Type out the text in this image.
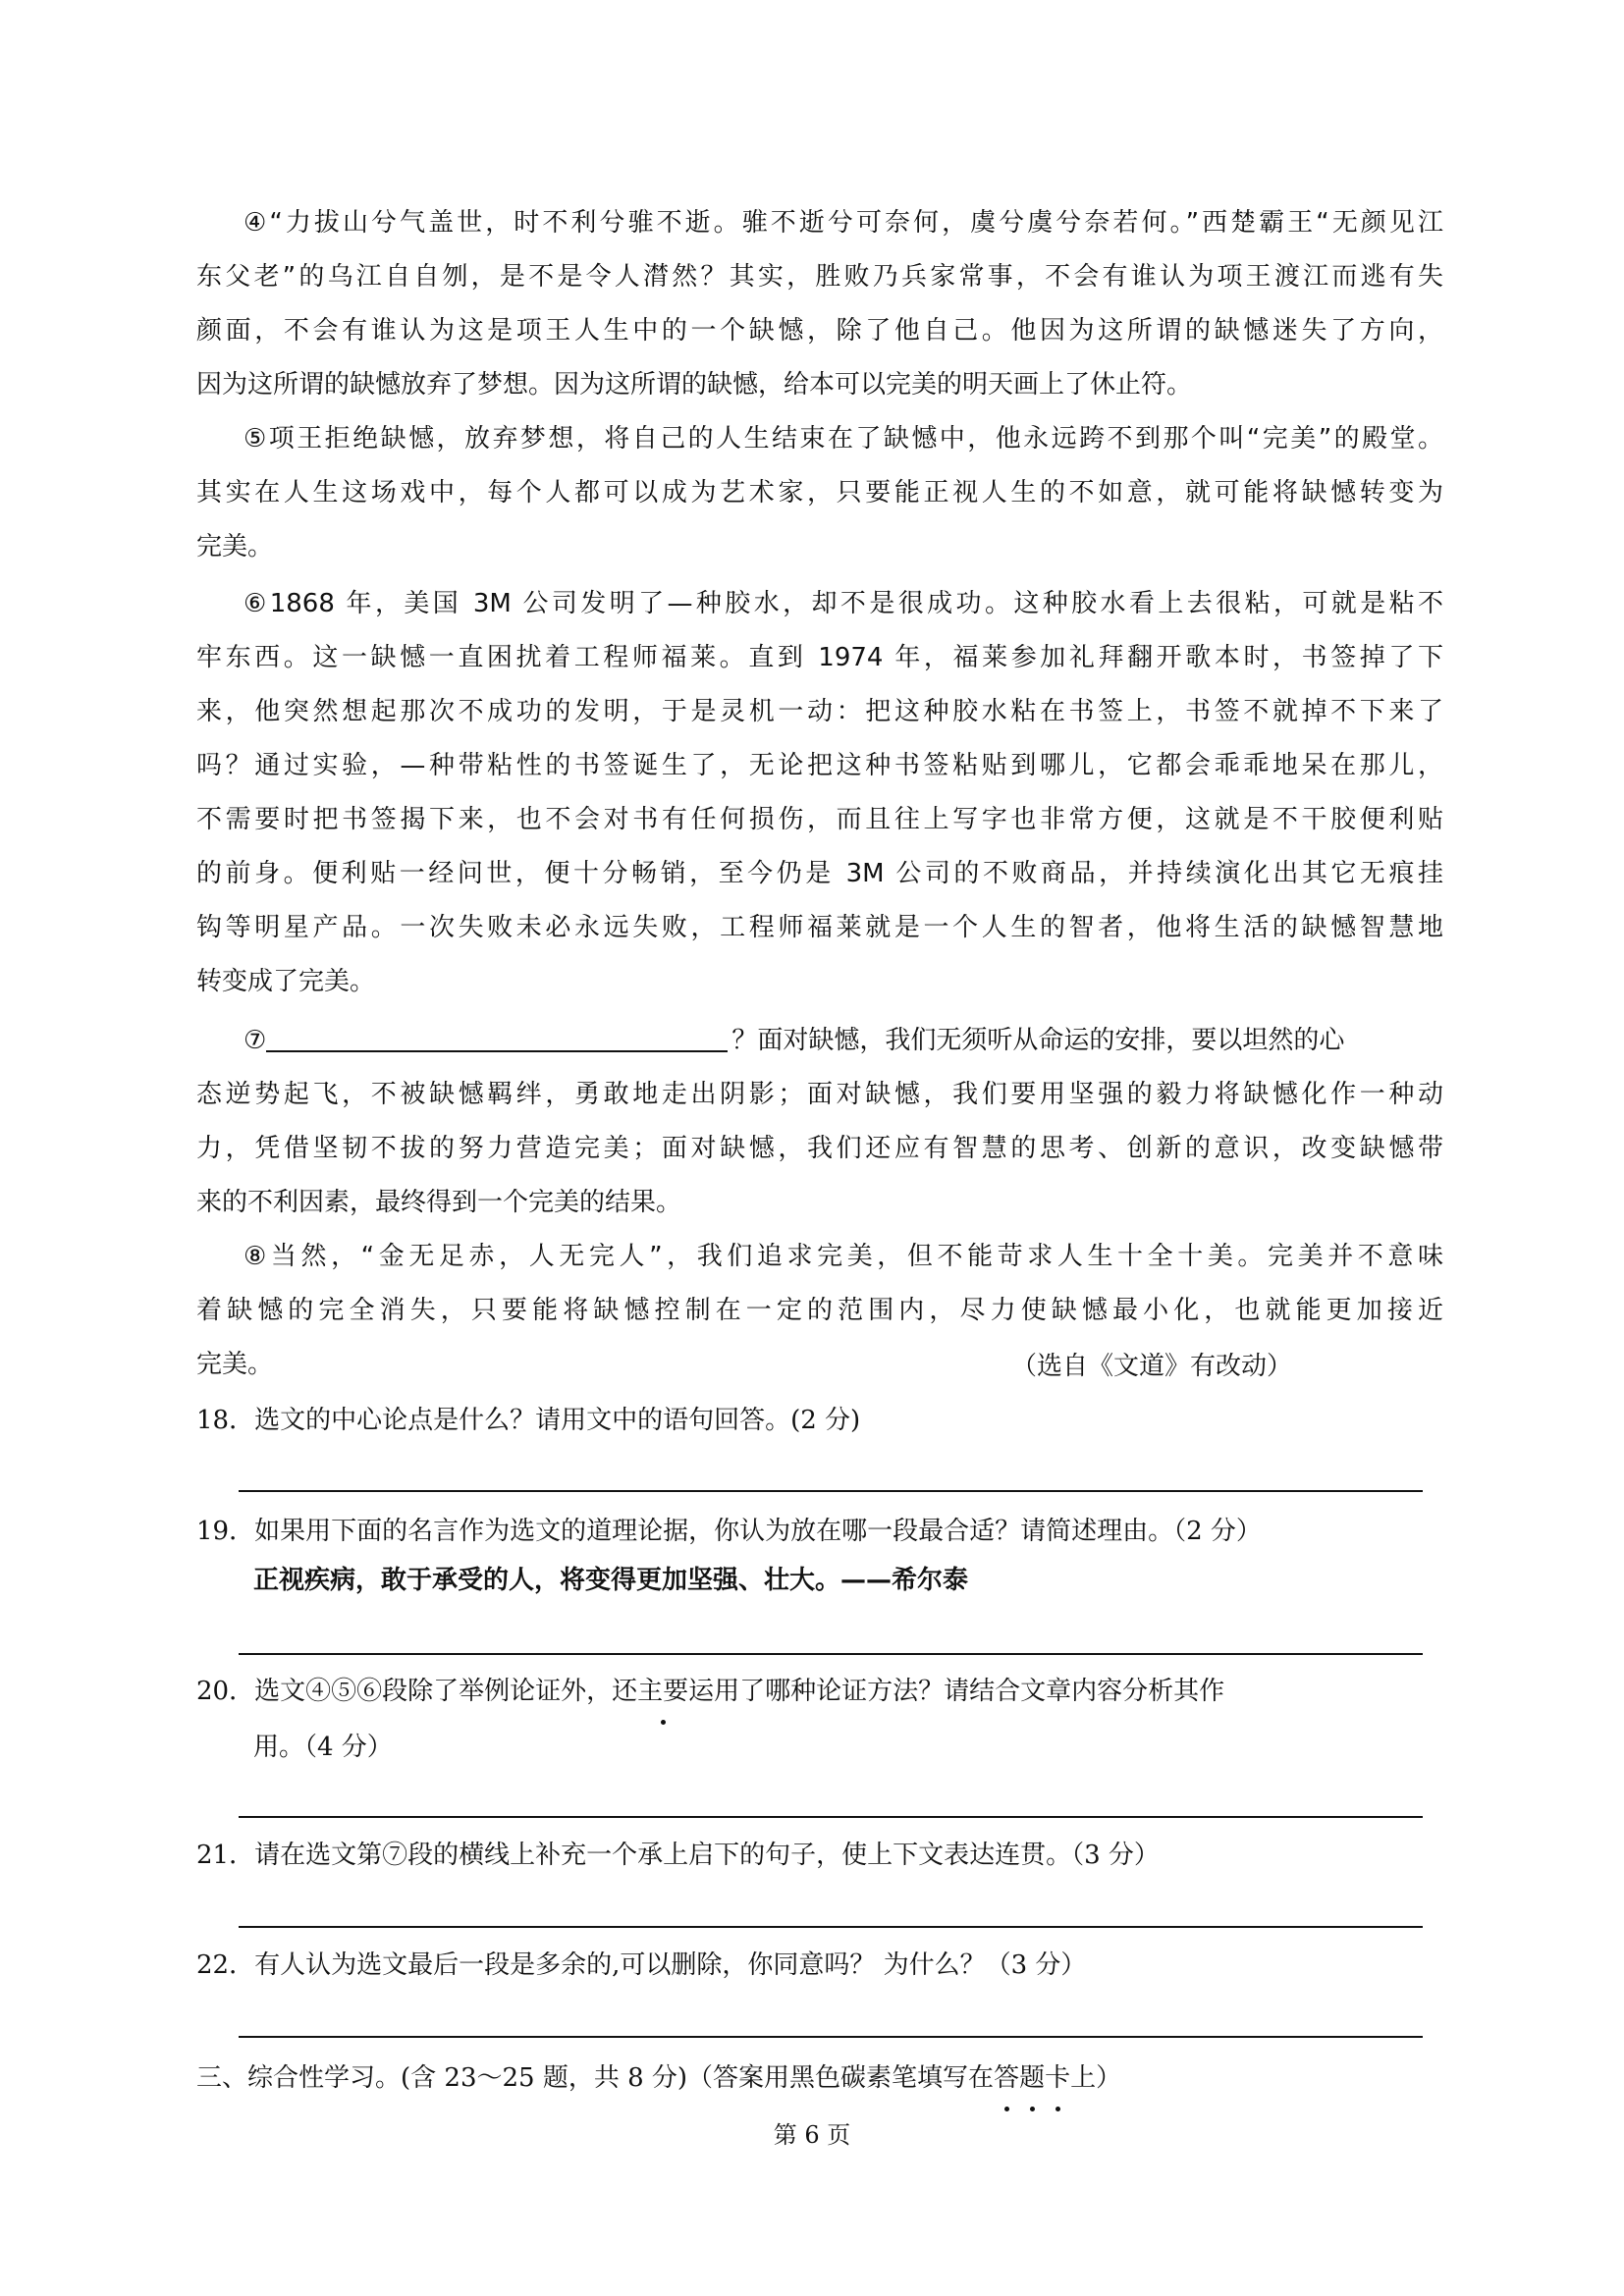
④“力拔山兮气盖世，时不利兮骓不逝。骓不逝兮可奈何，虞兮虞兮奈若何。”西楚霸王“无颜见江
东父老”的乌江自自刎，是不是令人潸然？其实，胜败乃兵家常事，不会有谁认为项王渡江而逃有失
颜面，不会有谁认为这是项王人生中的一个缺憾，除了他自己。他因为这所谓的缺憾迷失了方向，
因为这所谓的缺憾放弃了梦想。因为这所谓的缺憾，给本可以完美的明天画上了休止符。
⑤项王拒绝缺憾，放弃梦想，将自己的人生结束在了缺憾中，他永远跨不到那个叫“完美”的殿堂。
其实在人生这场戏中，每个人都可以成为艺术家，只要能正视人生的不如意，就可能将缺憾转变为
完美。
⑥1868 年，美国 3M 公司发明了—种胶水，却不是很成功。这种胶水看上去很粘，可就是粘不
牢东西。这一缺憾一直困扰着工程师福莱。直到 1974 年，福莱参加礼拜翻开歌本时，书签掉了下
来，他突然想起那次不成功的发明，于是灵机一动：把这种胶水粘在书签上，书签不就掉不下来了
吗？通过实验，—种带粘性的书签诞生了，无论把这种书签粘贴到哪儿，它都会乖乖地呆在那儿，
不需要时把书签揭下来，也不会对书有任何损伤，而且往上写字也非常方便，这就是不干胶便利贴
的前身。便利贴一经问世，便十分畅销，至今仍是 3M 公司的不败商品，并持续演化出其它无痕挂
钩等明星产品。一次失败未必永远失败，工程师福莱就是一个人生的智者，他将生活的缺憾智慧地
转变成了完美。
⑦	？面对缺憾，我们无须听从命运的安排，要以坦然的心
态逆势起飞，不被缺憾羁绊，勇敢地走出阴影；面对缺憾，我们要用坚强的毅力将缺憾化作一种动
力，凭借坚韧不拔的努力营造完美；面对缺憾，我们还应有智慧的思考、创新的意识，改变缺憾带
来的不利因素，最终得到一个完美的结果。
⑧当然，“金无足赤，人无完人”，我们追求完美，但不能苛求人生十全十美。完美并不意味
着缺憾的完全消失，只要能将缺憾控制在一定的范围内，尽力使缺憾最小化，也就能更加接近
完美。	（选自《文道》有改动）
18．选文的中心论点是什么？请用文中的语句回答。(2 分)
19．如果用下面的名言作为选文的道理论据，你认为放在哪一段最合适？请简述理由。（2 分）
正视疾病，敢于承受的人，将变得更加坚强、壮大。——希尔泰
20．选文④⑤⑥段除了举例论证外，还主要运用了哪种论证方法？请结合文章内容分析其作
用。（4 分）
21．请在选文第⑦段的横线上补充一个承上启下的句子，使上下文表达连贯。（3 分）
22．有人认为选文最后一段是多余的,可以删除，你同意吗？ 为什么？（3 分）
三、综合性学习。(含 23～25 题，共 8 分)（答案用黑色碳素笔填写在答题卡上）
第 6 页
